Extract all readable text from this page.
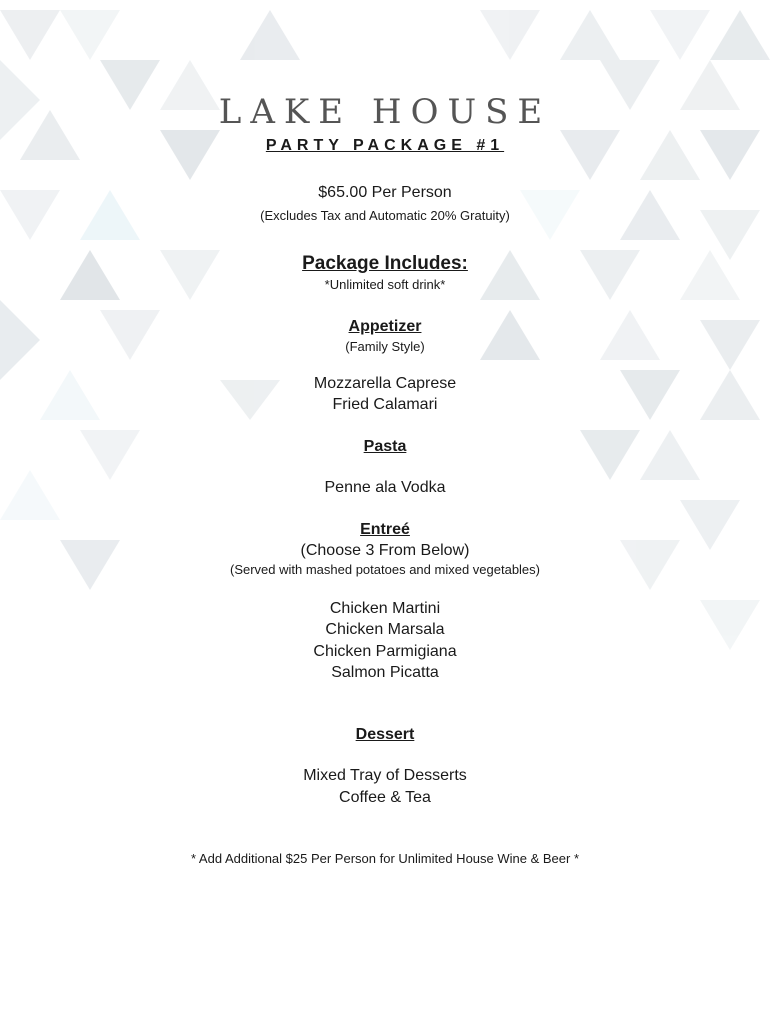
LAKE HOUSE
PARTY PACKAGE #1
$65.00 Per Person
(Excludes Tax and Automatic 20% Gratuity)
Package Includes:
*Unlimited soft drink*
Appetizer
(Family Style)
Mozzarella Caprese
Fried Calamari
Pasta
Penne ala Vodka
Entreé
(Choose 3 From Below)
(Served with mashed potatoes and mixed vegetables)
Chicken Martini
Chicken Marsala
Chicken Parmigiana
Salmon Picatta
Dessert
Mixed Tray of Desserts
Coffee & Tea
* Add Additional $25 Per Person for Unlimited House Wine & Beer *
